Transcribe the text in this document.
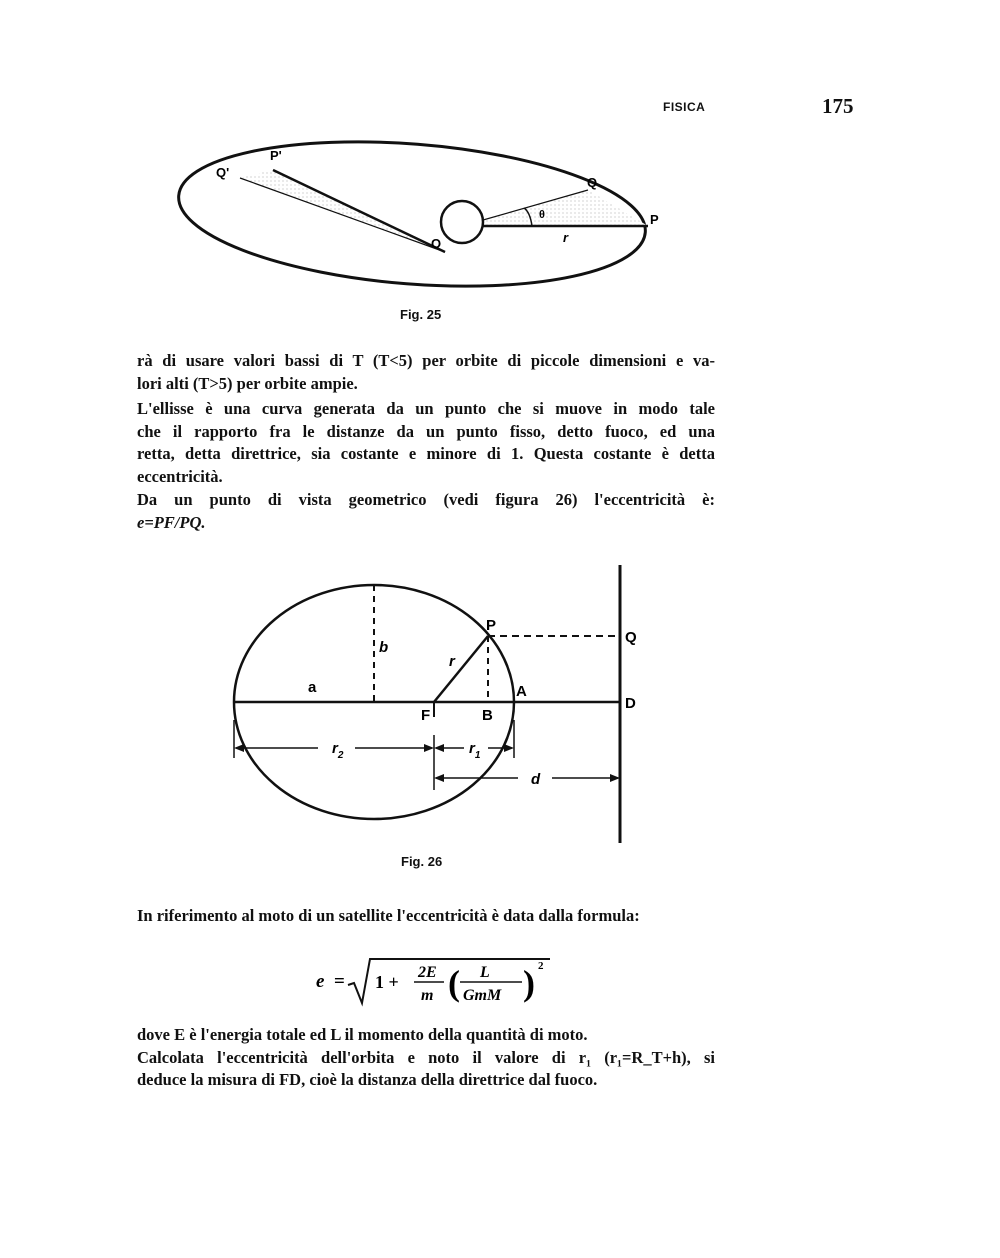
FISICA	175
Q'
P'
Q
P
O
θ
r
Fig. 25
rà di usare valori bassi di T (T<5) per orbite di piccole dimensioni e va-
lori alti (T>5) per orbite ampie.
L'ellisse è una curva generata da un punto che si muove in modo tale
che il rapporto fra le distanze da un punto fisso, detto fuoco, ed una
retta, detta direttrice, sia costante e minore di 1. Questa costante è detta
eccentricità.
Da un punto di vista geometrico (vedi figura 26) l'eccentricità è:
e=PF/PQ.
P
Q
A
D
F	B
a
b
r
$r_2$	$r_1$
d
Fig. 26
In riferimento al moto di un satellite l'eccentricità è data dalla formula:
e = 1 + 2E
m ( L
GmM ) 2
dove E è l'energia totale ed L il momento della quantità di moto.
Calcolata l'eccentricità dell'orbita e noto il valore di r₁ (r₁=R_T+h), si
deduce la misura di FD, cioè la distanza della direttrice dal fuoco.
